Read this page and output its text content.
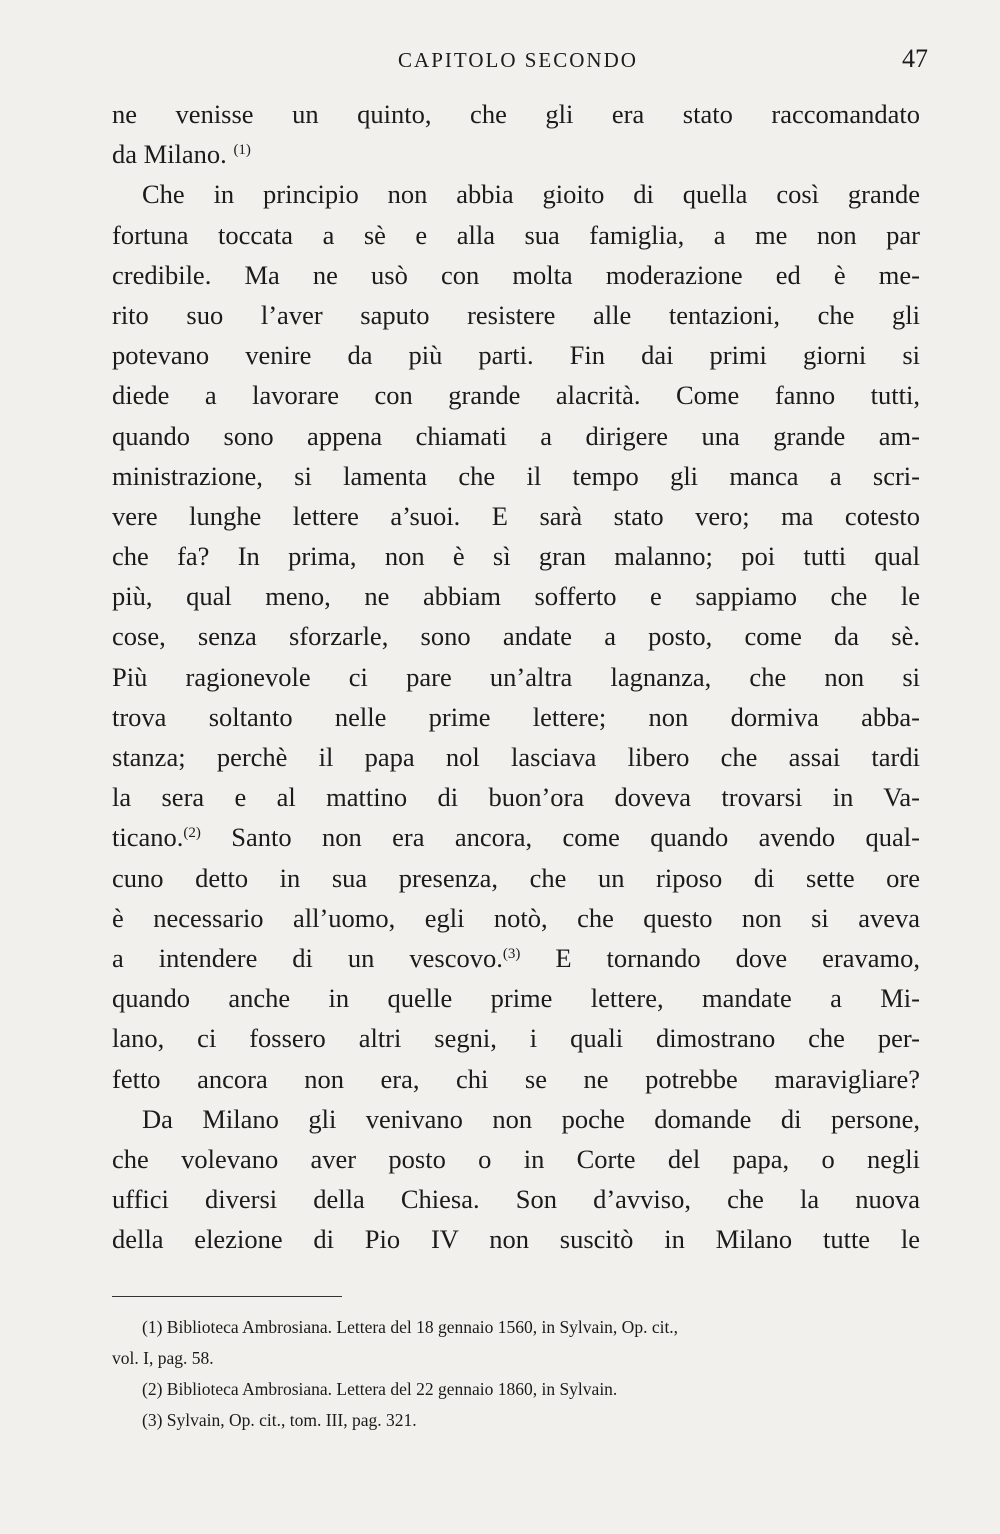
CAPITOLO SECONDO	47

ne venisse un quinto, che gli era stato raccomandato
da Milano. $^{(1)}$

Che in principio non abbia gioito di quella così grande
fortuna toccata a sè e alla sua famiglia, a me non par
credibile. Ma ne usò con molta moderazione ed è me-
rito suo l’aver saputo resistere alle tentazioni, che gli
potevano venire da più parti. Fin dai primi giorni si
diede a lavorare con grande alacrità. Come fanno tutti,
quando sono appena chiamati a dirigere una grande am-
ministrazione, si lamenta che il tempo gli manca a scri-
vere lunghe lettere a’suoi. E sarà stato vero; ma cotesto
che fa? In prima, non è sì gran malanno; poi tutti qual
più, qual meno, ne abbiam sofferto e sappiamo che le
cose, senza sforzarle, sono andate a posto, come da sè.
Più ragionevole ci pare un’altra lagnanza, che non si
trova soltanto nelle prime lettere; non dormiva abba-
stanza; perchè il papa nol lasciava libero che assai tardi
la sera e al mattino di buon’ora doveva trovarsi in Va-
ticano.$^{(2)}$ Santo non era ancora, come quando avendo qual-
cuno detto in sua presenza, che un riposo di sette ore
è necessario all’uomo, egli notò, che questo non si aveva
a intendere di un vescovo.$^{(3)}$ E tornando dove eravamo,
quando anche in quelle prime lettere, mandate a Mi-
lano, ci fossero altri segni, i quali dimostrano che per-
fetto ancora non era, chi se ne potrebbe maravigliare?

Da Milano gli venivano non poche domande di persone,
che volevano aver posto o in Corte del papa, o negli
uffici diversi della Chiesa. Son d’avviso, che la nuova
della elezione di Pio IV non suscitò in Milano tutte le

(1) Biblioteca Ambrosiana. Lettera del 18 gennaio 1560, in Sylvain, Op. cit.,
vol. I, pag. 58.
(2) Biblioteca Ambrosiana. Lettera del 22 gennaio 1860, in Sylvain.
(3) Sylvain, Op. cit., tom. III, pag. 321.
